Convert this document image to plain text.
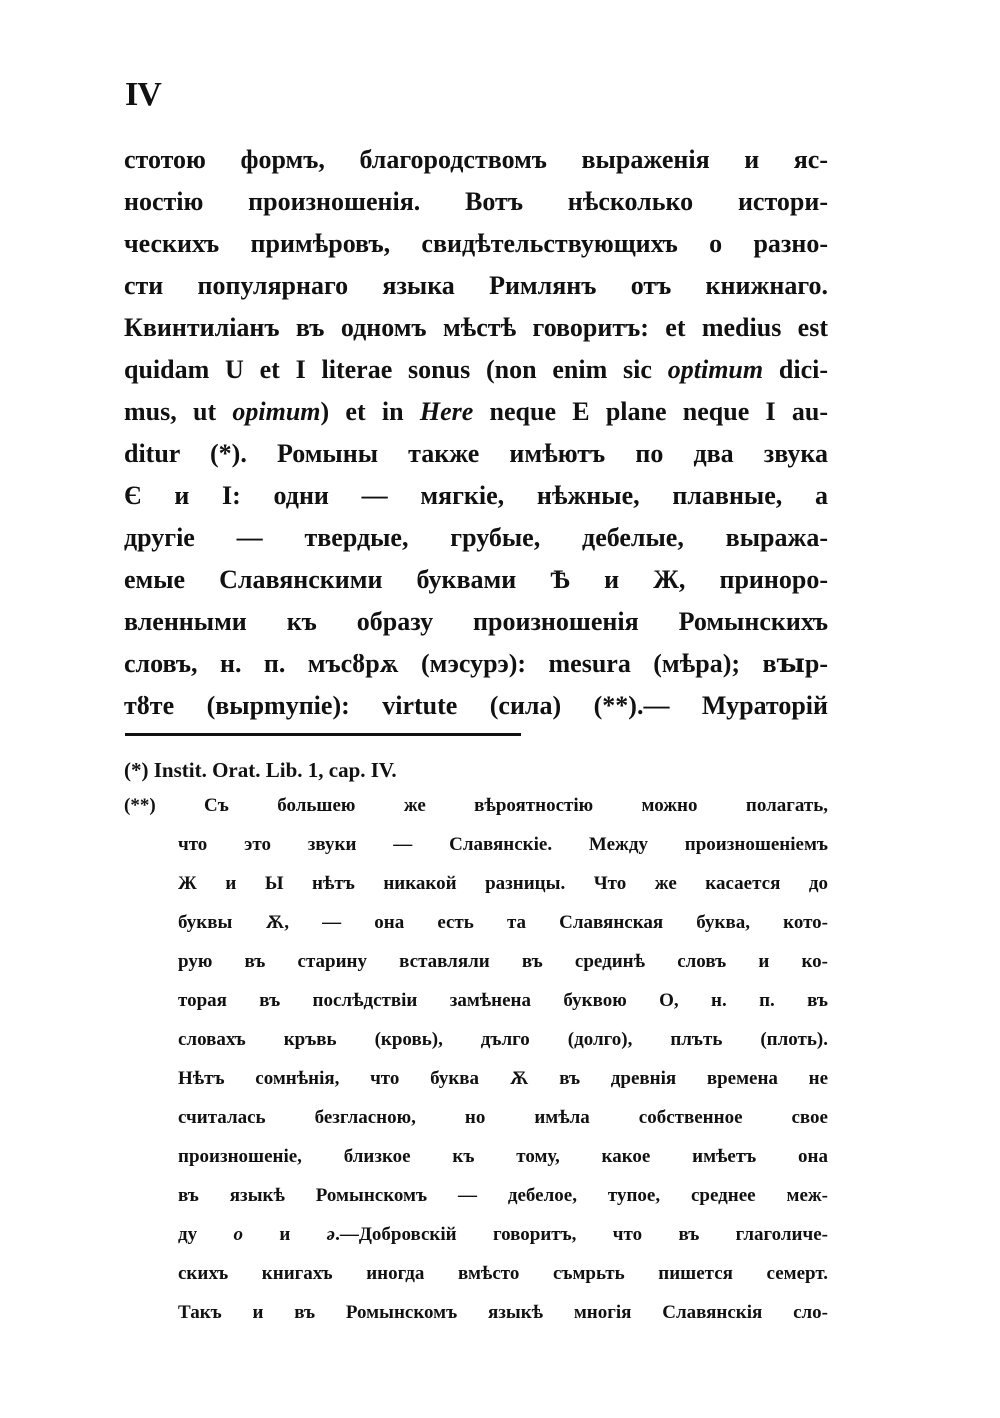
IV
стотою формъ, благородствомъ выраженія и яс-
ностію произношенія. Вотъ нѣсколько истори-
ческихъ примѣровъ, свидѣтельствующихъ о разно-
сти популярнаго языка Римлянъ отъ книжнаго.
Квинтиліанъ въ одномъ мѣстѣ говоритъ: et medius est
quidam U et I literae sonus (non enim sic optimum dici-
mus, ut opimum) et in Here neque E plane neque I au-
ditur (*). Ромыны также имѣютъ по два звука
Є и І: одни — мягкіе, нѣжные, плавные, а
другіе — твердые, грубые, дебелые, выража-
емые Славянскими буквами Ѣ и Ж, принoро-
вленными къ образу произношенія Ромынскихъ
словъ, н. п. мъсȣрѫ (мэсурэ): mesura (мѣра); вꙑр-
тȣте (вырmупie): virtute (сила) (**).— Мураторій
(*) Instit. Orat. Lib. 1, cap. IV.
(**) Съ большею же вѣроятностію можно полагать,
что это звуки — Славянскіе. Между произношеніемъ
Ж и Ы нѣтъ никакой разницы. Что же касается до
буквы Ѫ, — она есть та Славянская буква, кото-
рую въ старину вставляли въ срединѣ словъ и ко-
торая въ послѣдствіи замѣнена буквою О, н. п. въ
словахъ кръвь (кровь), дълго (долго), плъть (плоть).
Нѣтъ сомнѣнія, что буква Ѫ въ древнія времена не
считалась безгласною, но имѣла собственное свое
произношеніе, близкое къ тому, какое имѣетъ она
въ языкѣ Ромынскомъ — дебелое, тупое, среднее меж-
ду о и ə.—Добровскій говоритъ, что въ глаголиче-
скихъ книгахъ иногда вмѣсто съмрьть пишется семерт.
Такъ и въ Ромынскомъ языкѣ многія Славянскія сло-
